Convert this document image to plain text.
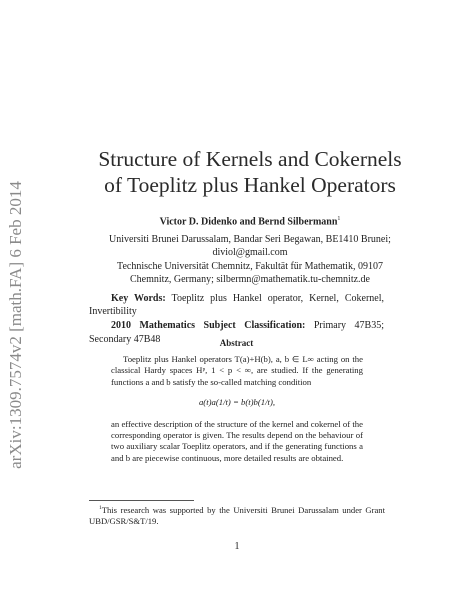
arXiv:1309.7574v2 [math.FA] 6 Feb 2014
Structure of Kernels and Cokernels
of Toeplitz plus Hankel Operators
Victor D. Didenko and Bernd Silbermann$^1$
Universiti Brunei Darussalam, Bandar Seri Begawan, BE1410 Brunei;
diviol@gmail.com
Technische Universität Chemnitz, Fakultät für Mathematik, 09107
Chemnitz, Germany; silbermn@mathematik.tu-chemnitz.de
Key Words: Toeplitz plus Hankel operator, Kernel, Cokernel, Invertibility
2010 Mathematics Subject Classification: Primary 47B35; Secondary 47B48	Abstract

Toeplitz plus Hankel operators T(a)+H(b), a, b ∈ L∞ acting on the classical Hardy spaces Hᵖ, 1 < p < ∞, are studied. If the generating functions a and b satisfy the so-called matching condition

a(t)a(1/t) = b(t)b(1/t),

an effective description of the structure of the kernel and cokernel of the corresponding operator is given. The results depend on the behaviour of two auxiliary scalar Toeplitz operators, and if the generating functions a and b are piecewise continuous, more detailed results are obtained.

$^1$This research was supported by the Universiti Brunei Darussalam under Grant UBD/GSR/S&T/19.
1
